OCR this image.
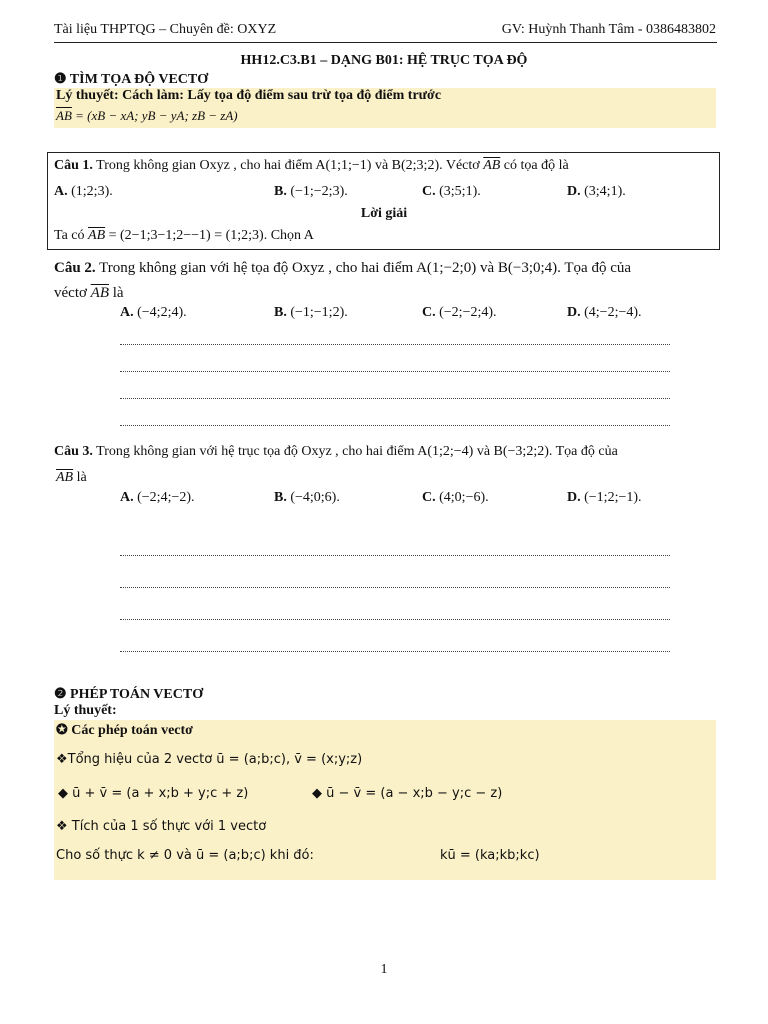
Tài liệu THPTQG – Chuyên đề: OXYZ	GV: Huỳnh Thanh Tâm - 0386483802
HH12.C3.B1 – DẠNG B01: HỆ TRỤC TỌA ĐỘ
❶ TÌM TỌA ĐỘ VECTƠ
Lý thuyết: Cách làm: Lấy tọa độ điểm sau trừ tọa độ điểm trước
$\overline{AB} = (xB$ − xA; yB − yA; zB − zA)
Câu 1. Trong không gian Oxyz , cho hai điểm A(1;1;−1) và B(2;3;2). Véctơ $\overline{AB}$ có tọa độ là
A. (1;2;3).	B. (−1;−2;3).	C. (3;5;1).	D. (3;4;1).
Lời giải
Ta có $\overline{AB}$ = (2−1;3−1;2−−1) = (1;2;3). Chọn A
Câu 2. Trong không gian với hệ tọa độ Oxyz , cho hai điểm A(1;−2;0) và B(−3;0;4). Tọa độ của
véctơ $\overline{AB}$ là
A. (−4;2;4).	B. (−1;−1;2).	C. (−2;−2;4).	D. (4;−2;−4).
Câu 3. Trong không gian với hệ trục tọa độ Oxyz , cho hai điểm A(1;2;−4) và B(−3;2;2). Tọa độ của
$\overline{AB}$ là
A. (−2;4;−2).	B. (−4;0;6).	C. (4;0;−6).	D. (−1;2;−1).
❷ PHÉP TOÁN VECTƠ
Lý thuyết:
✪ Các phép toán vectơ
❖Tổng hiệu của 2 vectơ ū = (a;b;c), v̄ = (x;y;z)
◆ ū + v̄ = (a + x;b + y;c + z)	◆ ū − v̄ = (a − x;b − y;c − z)
❖ Tích của 1 số thực với 1 vectơ
Cho số thực k ≠ 0 và ū = (a;b;c) khi đó:	kū = (ka;kb;kc)
1
